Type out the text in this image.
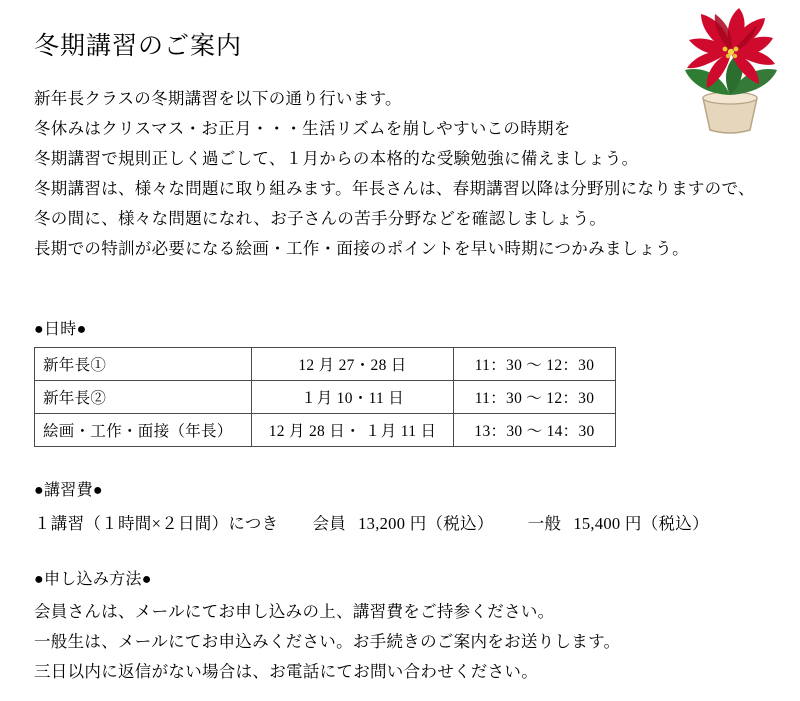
冬期講習のご案内

新年長クラスの冬期講習を以下の通り行います。

冬休みはクリスマス・お正月・・・生活リズムを崩しやすいこの時期を

冬期講習で規則正しく過ごして、１月からの本格的な受験勉強に備えましょう。

冬期講習は、様々な問題に取り組みます。年長さんは、春期講習以降は分野別になりますので、

冬の間に、様々な問題になれ、お子さんの苦手分野などを確認しましょう。

長期での特訓が必要になる絵画・工作・面接のポイントを早い時期につかみましょう。

●日時●
新年長①	12 月 27・28 日	11：30 ～ 12：30
新年長②	１月 10・11 日	11：30 ～ 12：30
絵画・工作・面接（年長）	12 月 28 日・ １月 11 日	13：30 ～ 14：30
●講習費●
１講習（１時間×２日間）につき 会員 13,200 円（税込） 一般 15,400 円（税込）
●申し込み方法●

会員さんは、メールにてお申し込みの上、講習費をご持参ください。

一般生は、メールにてお申込みください。お手続きのご案内をお送りします。

三日以内に返信がない場合は、お電話にてお問い合わせください。
